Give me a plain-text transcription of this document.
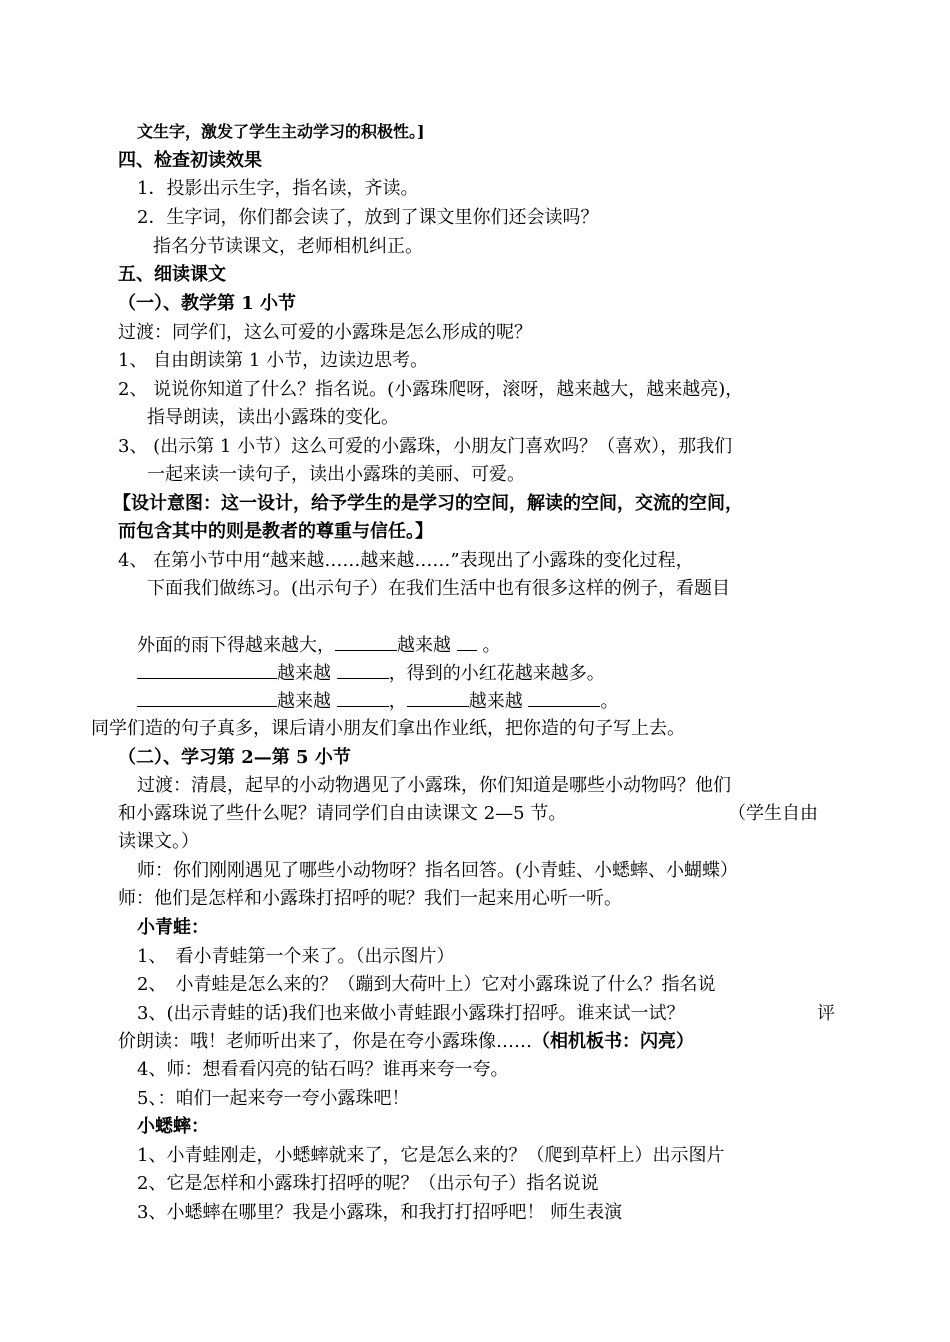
文生字，激发了学生主动学习的积极性。]
四、检查初读效果
1．投影出示生字，指名读，齐读。
2．生字词，你们都会读了，放到了课文里你们还会读吗？
指名分节读课文，老师相机纠正。
五、细读课文
（一）、教学第 1 小节
过渡：同学们，这么可爱的小露珠是怎么形成的呢？
1、 自由朗读第 1 小节，边读边思考。
2、 说说你知道了什么？指名说。(小露珠爬呀，滚呀，越来越大，越来越亮)，
指导朗读，读出小露珠的变化。
3、 (出示第 1 小节）这么可爱的小露珠，小朋友门喜欢吗？（喜欢），那我们
一起来读一读句子，读出小露珠的美丽、可爱。
【设计意图：这一设计，给予学生的是学习的空间，解读的空间，交流的空间，
而包含其中的则是教者的尊重与信任。】
4、 在第小节中用“越来越……越来越……”表现出了小露珠的变化过程，
下面我们做练习。(出示句子）在我们生活中也有很多这样的例子，看题目
外面的雨下得越来越大，	越来越 。
越来越	，得到的小红花越来越多。
越来越	，	越来越	。
同学们造的句子真多，课后请小朋友们拿出作业纸，把你造的句子写上去。
（二）、学习第 2—第 5 小节
过渡：清晨，起早的小动物遇见了小露珠，你们知道是哪些小动物吗？他们
和小露珠说了些什么呢？请同学们自由读课文 2—5 节。	（学生自由
读课文。）
师：你们刚刚遇见了哪些小动物呀？指名回答。(小青蛙、小蟋蟀、小蝴蝶）
师：他们是怎样和小露珠打招呼的呢？我们一起来用心听一听。
小青蛙：
1、　看小青蛙第一个来了。（出示图片）
2、　小青蛙是怎么来的？（蹦到大荷叶上）它对小露珠说了什么？指名说
3、(出示青蛙的话)我们也来做小青蛙跟小露珠打招呼。谁来试一试？	评
价朗读：哦！老师听出来了，你是在夸小露珠像……（相机板书：闪亮）
4、师：想看看闪亮的钻石吗？谁再来夸一夸。
5、：咱们一起来夸一夸小露珠吧！
小蟋蟀：
1、小青蛙刚走，小蟋蟀就来了，它是怎么来的？（爬到草杆上）出示图片
2、它是怎样和小露珠打招呼的呢？（出示句子）指名说说
3、小蟋蟀在哪里？我是小露珠，和我打打招呼吧！ 师生表演
